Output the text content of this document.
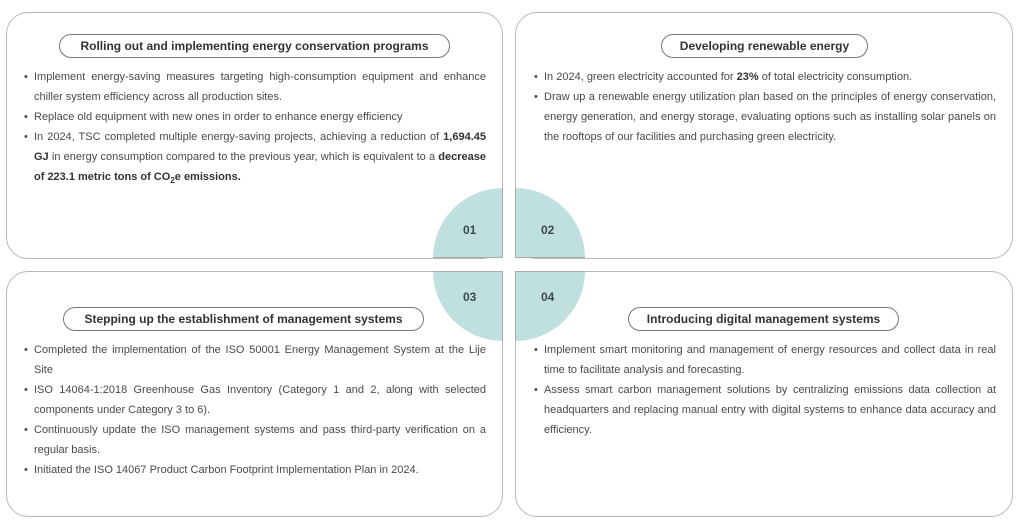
01	02
03	04
Rolling out and implementing energy conservation programs	Developing renewable energy
Stepping up the establishment of management systems	Introducing digital management systems
• Implement energy-saving measures targeting high-consumption equipment and enhance chiller system efficiency across all production sites.
• Replace old equipment with new ones in order to enhance energy efficiency
• In 2024, TSC completed multiple energy-saving projects, achieving a reduction of 1,694.45 GJ in energy consumption compared to the previous year, which is equivalent to a decrease of 223.1 metric tons of $CO_2e$ emissions.
• In 2024, green electricity accounted for 23% of total electricity consumption.
• Draw up a renewable energy utilization plan based on the principles of energy conservation, energy generation, and energy storage, evaluating options such as installing solar panels on the rooftops of our facilities and purchasing green electricity.
• Completed the implementation of the ISO 50001 Energy Management System at the Lije Site
• ISO 14064-1:2018 Greenhouse Gas Inventory (Category 1 and 2, along with selected components under Category 3 to 6).
• Continuously update the ISO management systems and pass third-party verification on a regular basis.
• Initiated the ISO 14067 Product Carbon Footprint Implementation Plan in 2024.
• Implement smart monitoring and management of energy resources and collect data in real time to facilitate analysis and forecasting.
• Assess smart carbon management solutions by centralizing emissions data collection at headquarters and replacing manual entry with digital systems to enhance data accuracy and efficiency.
